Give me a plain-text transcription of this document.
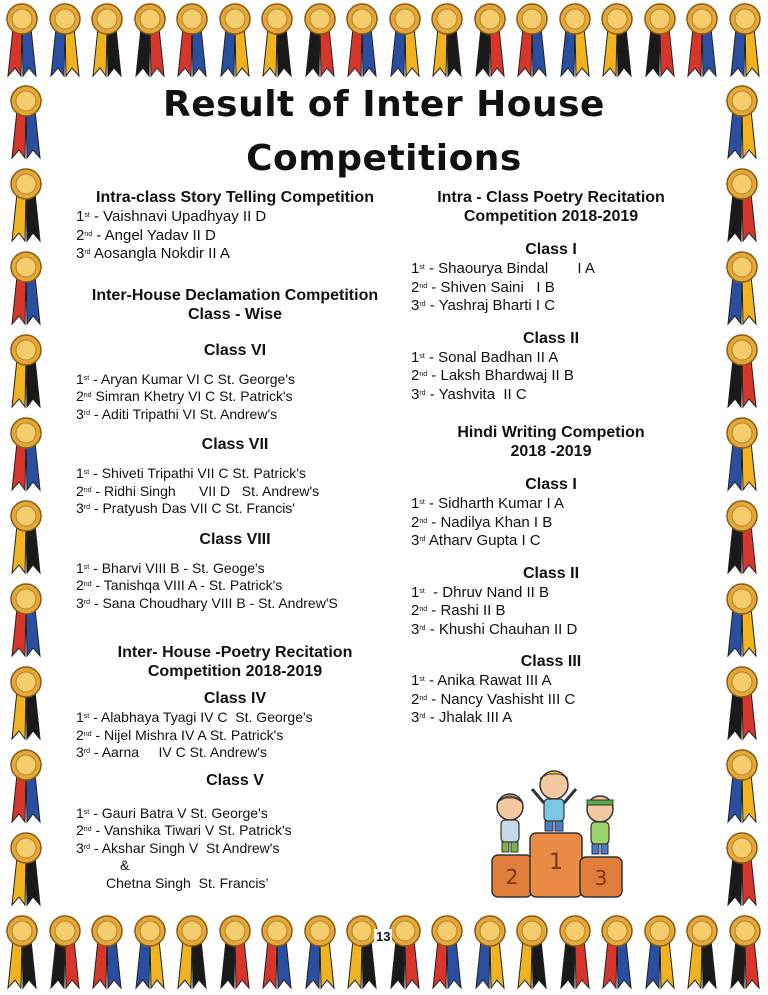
Result of Inter House
Competitions
Intra-class Story Telling Competition
1st - Vaishnavi Upadhyay II D
2nd - Angel Yadav II D
3rd Aosangla Nokdir II A
Inter-House Declamation Competition
Class - Wise
Class VI
1st - Aryan Kumar VI C St. George's
2nd Simran Khetry VI C St. Patrick's
3rd - Aditi Tripathi VI St. Andrew's
Class VII
1st - Shiveti Tripathi VII C St. Patrick's
2nd - Ridhi Singh      VII D   St. Andrew's
3rd - Pratyush Das VII C St. Francis'
Class VIII
1st - Bharvi VIII B - St. Geoge's
2nd - Tanishqa VIII A - St. Patrick's
3rd - Sana Choudhary VIII B - St. Andrew'S
Inter- House -Poetry Recitation
Competition 2018-2019
Class IV
1st - Alabhaya Tyagi IV C  St. George's
2nd - Nijel Mishra IV A St. Patrick's
3rd - Aarna     IV C St. Andrew's
Class V
1st - Gauri Batra V St. George's
2nd - Vanshika Tiwari V St. Patrick's
3rd - Akshar Singh V  St Andrew's
&
Chetna Singh  St. Francis’
Intra - Class Poetry Recitation
Competition 2018-2019
Class I
1st - Shaourya Bindal       I A
2nd - Shiven Saini   I B
3rd - Yashraj Bharti I C
Class II
1st - Sonal Badhan II A
2nd - Laksh Bhardwaj II B
3rd - Yashvita  II C
Hindi Writing Competion
2018 -2019
Class I
1st - Sidharth Kumar I A
2nd - Nadilya Khan I B
3rd Atharv Gupta I C
Class II
1st  - Dhruv Nand II B
2nd - Rashi II B
3rd - Khushi Chauhan II D
Class III
1st - Anika Rawat III A
2nd - Nancy Vashisht III C
3rd - Jhalak III A
2
1
3
13
